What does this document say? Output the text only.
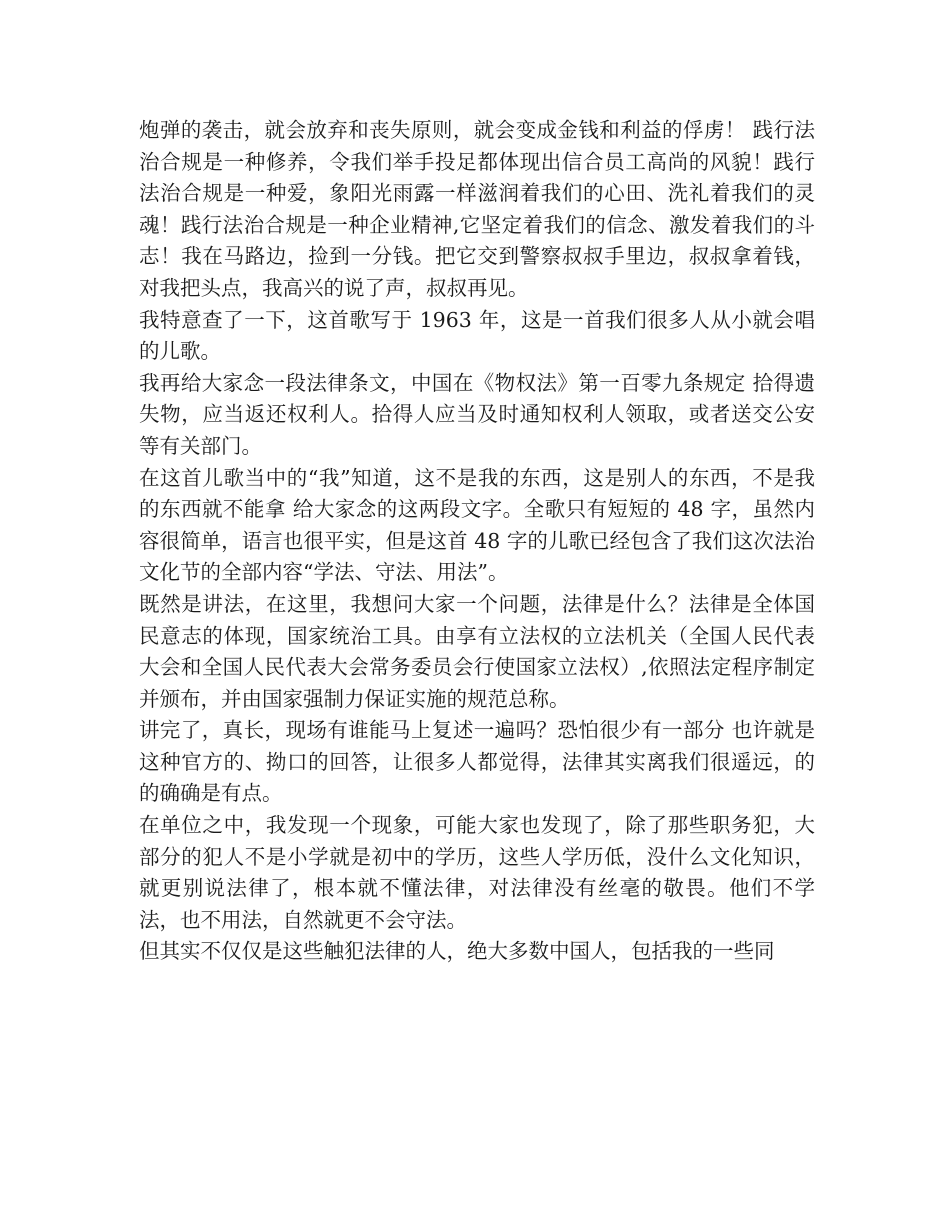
炮弹的袭击，就会放弃和丧失原则，就会变成金钱和利益的俘虏！ 践行法治合规是一种修养，令我们举手投足都体现出信合员工高尚的风貌！践行法治合规是一种爱，象阳光雨露一样滋润着我们的心田、洗礼着我们的灵魂！践行法治合规是一种企业精神,它坚定着我们的信念、激发着我们的斗志！我在马路边，捡到一分钱。把它交到警察叔叔手里边，叔叔拿着钱，对我把头点，我高兴的说了声，叔叔再见。

我特意查了一下，这首歌写于 1963 年，这是一首我们很多人从小就会唱的儿歌。

我再给大家念一段法律条文，中国在《物权法》第一百零九条规定 拾得遗失物，应当返还权利人。拾得人应当及时通知权利人领取，或者送交公安等有关部门。

在这首儿歌当中的“我”知道，这不是我的东西，这是别人的东西，不是我的东西就不能拿 给大家念的这两段文字。全歌只有短短的 48 字，虽然内容很简单，语言也很平实，但是这首 48 字的儿歌已经包含了我们这次法治文化节的全部内容“学法、守法、用法”。

既然是讲法，在这里，我想问大家一个问题，法律是什么？法律是全体国民意志的体现，国家统治工具。由享有立法权的立法机关（全国人民代表大会和全国人民代表大会常务委员会行使国家立法权）,依照法定程序制定并颁布，并由国家强制力保证实施的规范总称。

讲完了，真长，现场有谁能马上复述一遍吗？恐怕很少有一部分 也许就是这种官方的、拗口的回答，让很多人都觉得，法律其实离我们很遥远，的的确确是有点。

在单位之中，我发现一个现象，可能大家也发现了，除了那些职务犯，大部分的犯人不是小学就是初中的学历，这些人学历低，没什么文化知识，就更别说法律了，根本就不懂法律，对法律没有丝毫的敬畏。他们不学法，也不用法，自然就更不会守法。

但其实不仅仅是这些触犯法律的人，绝大多数中国人，包括我的一些同
